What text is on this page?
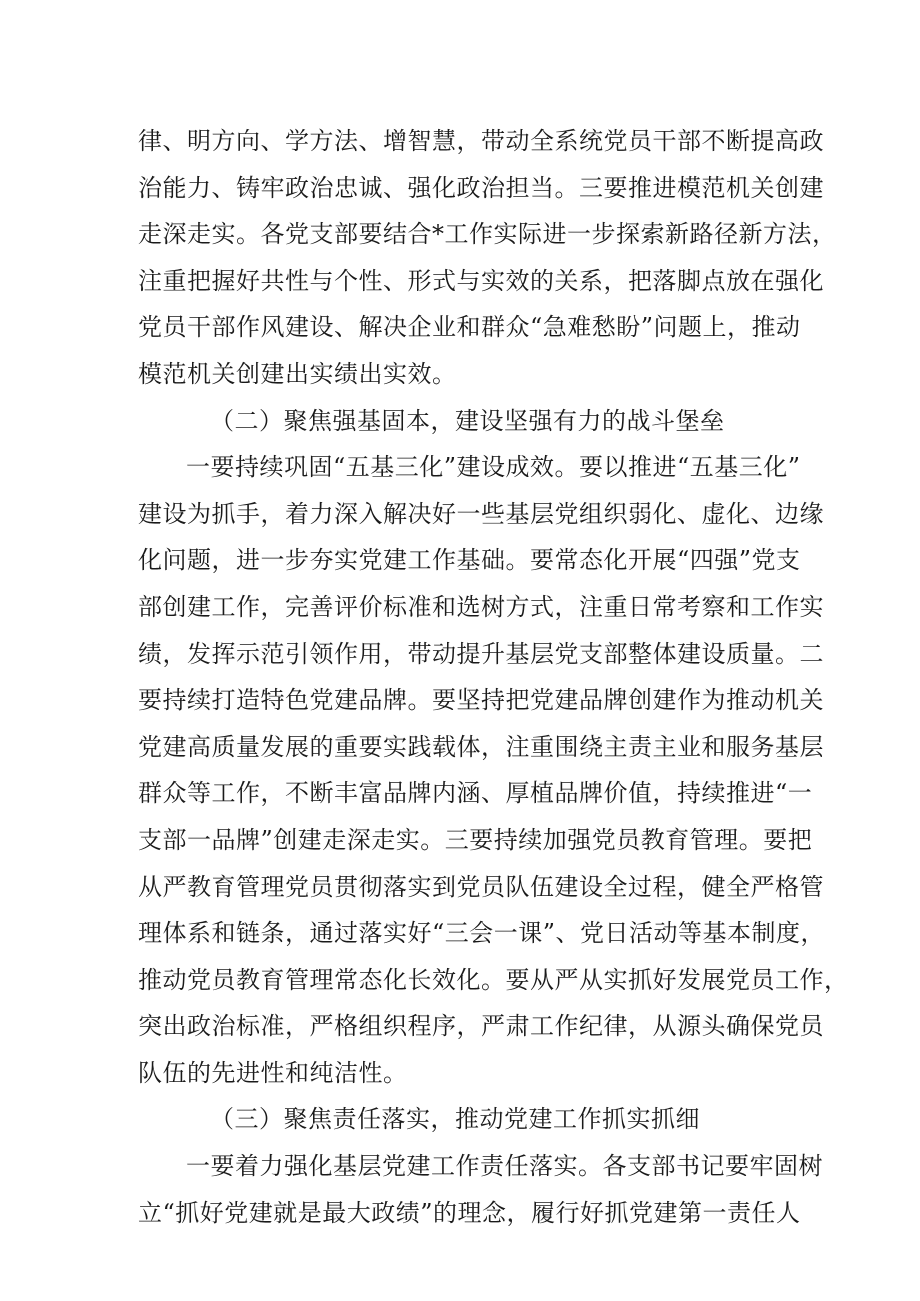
律、明方向、学方法、增智慧，带动全系统党员干部不断提高政
治能力、铸牢政治忠诚、强化政治担当。三要推进模范机关创建
走深走实。各党支部要结合*工作实际进一步探索新路径新方法，
注重把握好共性与个性、形式与实效的关系，把落脚点放在强化
党员干部作风建设、解决企业和群众“急难愁盼”问题上，推动
模范机关创建出实绩出实效。
（二）聚焦强基固本，建设坚强有力的战斗堡垒
一要持续巩固“五基三化”建设成效。要以推进“五基三化”
建设为抓手，着力深入解决好一些基层党组织弱化、虚化、边缘
化问题，进一步夯实党建工作基础。要常态化开展“四强”党支
部创建工作，完善评价标准和选树方式，注重日常考察和工作实
绩，发挥示范引领作用，带动提升基层党支部整体建设质量。二
要持续打造特色党建品牌。要坚持把党建品牌创建作为推动机关
党建高质量发展的重要实践载体，注重围绕主责主业和服务基层
群众等工作，不断丰富品牌内涵、厚植品牌价值，持续推进“一
支部一品牌”创建走深走实。三要持续加强党员教育管理。要把
从严教育管理党员贯彻落实到党员队伍建设全过程，健全严格管
理体系和链条，通过落实好“三会一课”、党日活动等基本制度，
推动党员教育管理常态化长效化。要从严从实抓好发展党员工作，
突出政治标准，严格组织程序，严肃工作纪律，从源头确保党员
队伍的先进性和纯洁性。
（三）聚焦责任落实，推动党建工作抓实抓细
一要着力强化基层党建工作责任落实。各支部书记要牢固树
立“抓好党建就是最大政绩”的理念，履行好抓党建第一责任人
